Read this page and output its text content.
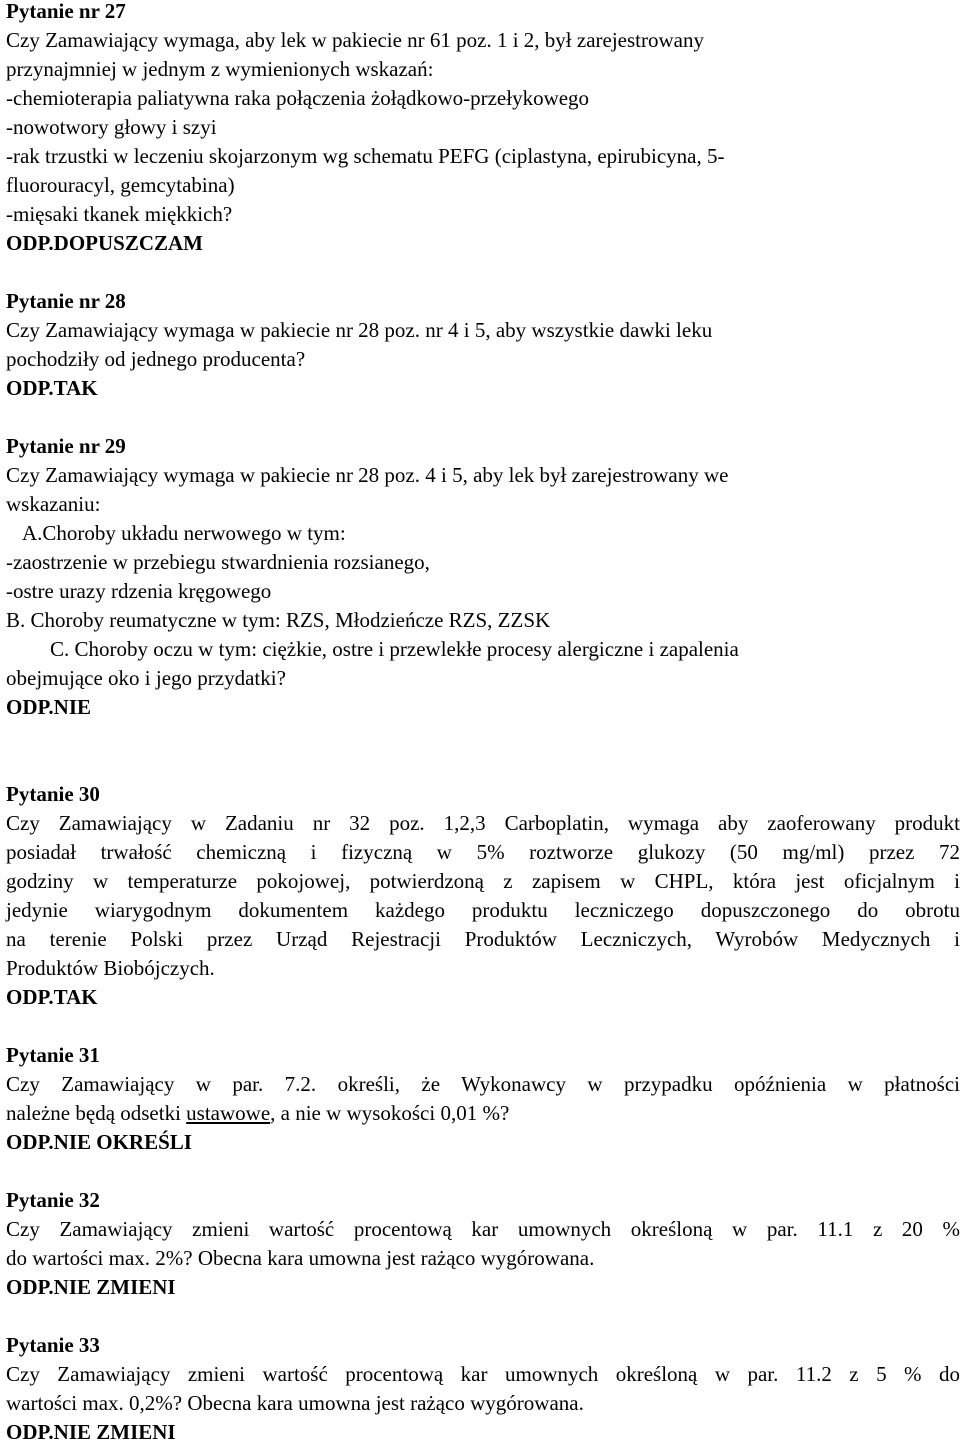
Pytanie nr 27
Czy Zamawiający wymaga, aby lek w pakiecie nr 61 poz. 1 i 2, był zarejestrowany
przynajmniej w jednym z wymienionych wskazań:
-chemioterapia paliatywna raka połączenia żołądkowo-przełykowego
-nowotwory głowy i szyi
-rak trzustki w leczeniu skojarzonym wg schematu PEFG (ciplastyna, epirubicyna, 5-
fluorouracyl, gemcytabina)
-mięsaki tkanek miękkich?
ODP.DOPUSZCZAM
Pytanie nr 28
Czy Zamawiający wymaga w pakiecie nr 28 poz. nr 4 i 5, aby wszystkie dawki leku
pochodziły od jednego producenta?
ODP.TAK
Pytanie nr 29
Czy Zamawiający wymaga w pakiecie nr 28 poz. 4 i 5, aby lek był zarejestrowany we
wskazaniu:
A.Choroby układu nerwowego w tym:
-zaostrzenie w przebiegu stwardnienia rozsianego,
-ostre urazy rdzenia kręgowego
B. Choroby reumatyczne w tym: RZS, Młodzieńcze RZS, ZZSK
C. Choroby oczu w tym: ciężkie, ostre i przewlekłe procesy alergiczne i zapalenia
obejmujące oko i jego przydatki?
ODP.NIE
Pytanie 30
Czy Zamawiający w Zadaniu nr 32 poz. 1,2,3 Carboplatin, wymaga aby zaoferowany produkt
posiadał trwałość chemiczną i fizyczną w 5% roztworze glukozy (50 mg/ml) przez 72
godziny w temperaturze pokojowej, potwierdzoną z zapisem w CHPL, która jest oficjalnym i
jedynie wiarygodnym dokumentem każdego produktu leczniczego dopuszczonego do obrotu
na terenie Polski przez Urząd Rejestracji Produktów Leczniczych, Wyrobów Medycznych i
Produktów Biobójczych.
ODP.TAK
Pytanie 31
Czy Zamawiający w par. 7.2. określi, że Wykonawcy w przypadku opóźnienia w płatności
należne będą odsetki ustawowe, a nie w wysokości 0,01 %?
ODP.NIE OKREŚLI
Pytanie 32
Czy Zamawiający zmieni wartość procentową kar umownych określoną w par. 11.1 z 20 %
do wartości max. 2%? Obecna kara umowna jest rażąco wygórowana.
ODP.NIE ZMIENI
Pytanie 33
Czy Zamawiający zmieni wartość procentową kar umownych określoną w par. 11.2 z 5 % do
wartości max. 0,2%? Obecna kara umowna jest rażąco wygórowana.
ODP.NIE ZMIENI
